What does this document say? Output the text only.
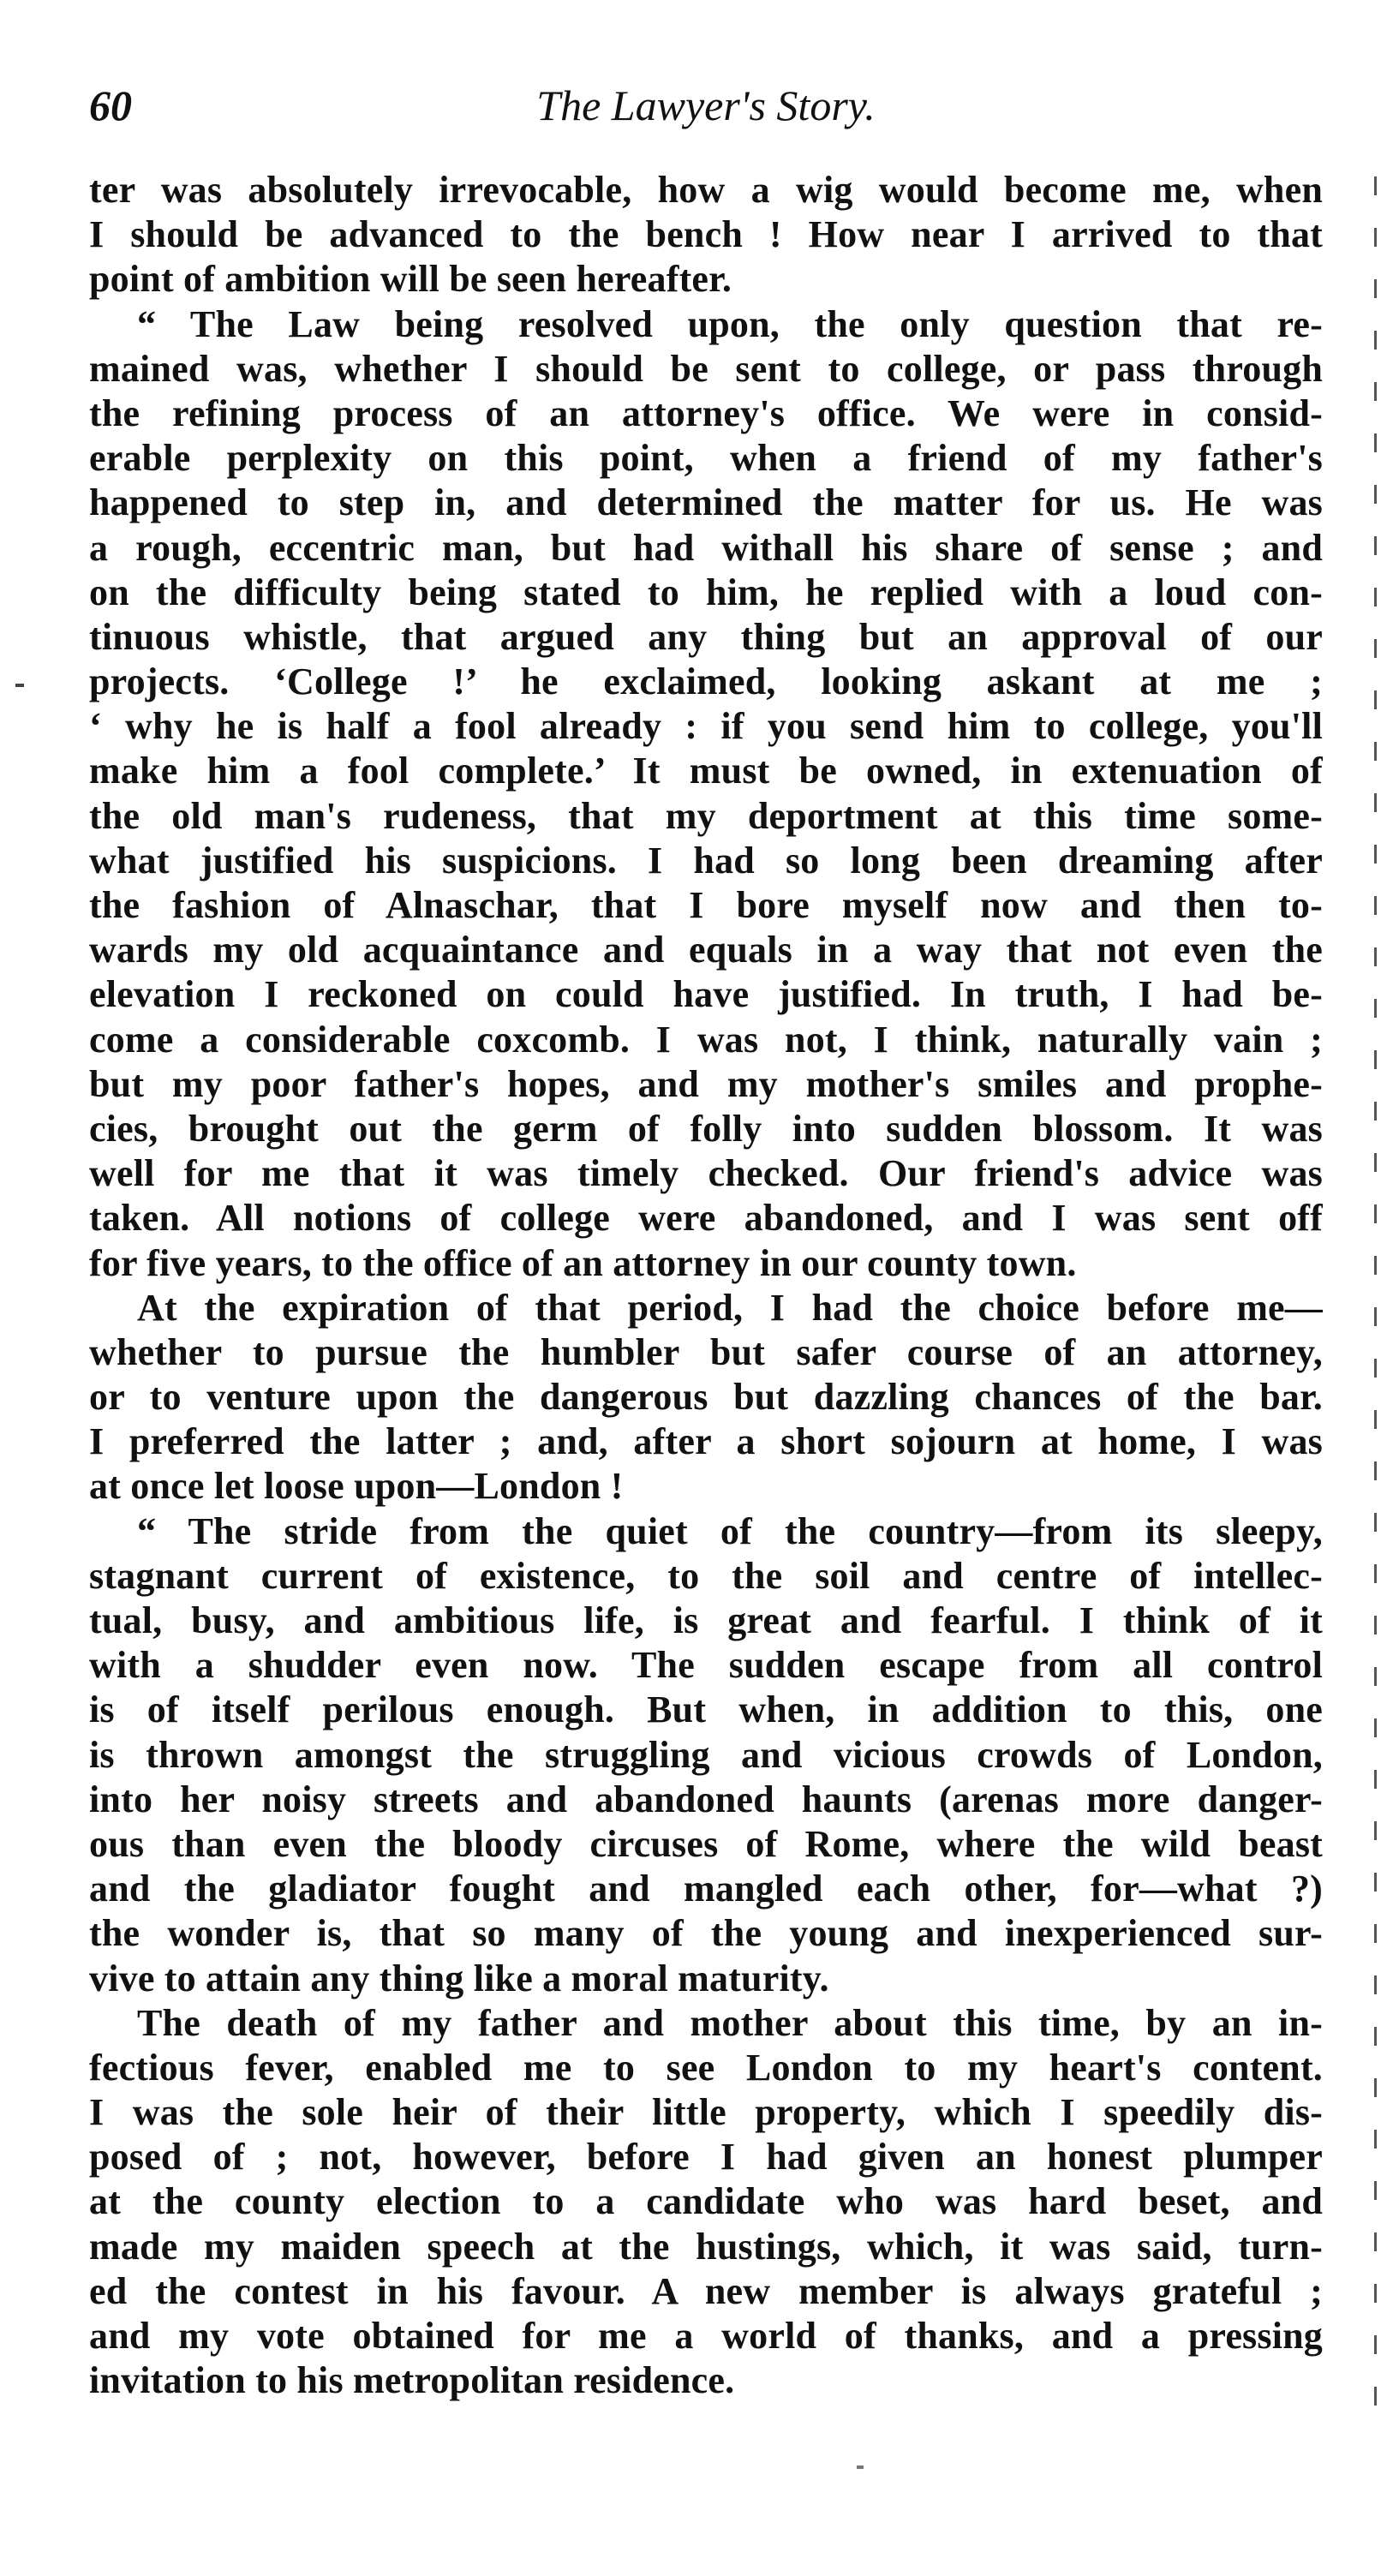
60	The Lawyer's Story.
ter was absolutely irrevocable, how a wig would become me, when
I should be advanced to the bench ! How near I arrived to that
point of ambition will be seen hereafter.
“ The Law being resolved upon, the only question that re-
mained was, whether I should be sent to college, or pass through
the refining process of an attorney's office. We were in consid-
erable perplexity on this point, when a friend of my father's
happened to step in, and determined the matter for us. He was
a rough, eccentric man, but had withall his share of sense ; and
on the difficulty being stated to him, he replied with a loud con-
tinuous whistle, that argued any thing but an approval of our
projects. ‘College !’ he exclaimed, looking askant at me ;
‘ why he is half a fool already : if you send him to college, you'll
make him a fool complete.’ It must be owned, in extenuation of
the old man's rudeness, that my deportment at this time some-
what justified his suspicions. I had so long been dreaming after
the fashion of Alnaschar, that I bore myself now and then to-
wards my old acquaintance and equals in a way that not even the
elevation I reckoned on could have justified. In truth, I had be-
come a considerable coxcomb. I was not, I think, naturally vain ;
but my poor father's hopes, and my mother's smiles and prophe-
cies, brought out the germ of folly into sudden blossom. It was
well for me that it was timely checked. Our friend's advice was
taken. All notions of college were abandoned, and I was sent off
for five years, to the office of an attorney in our county town.
At the expiration of that period, I had the choice before me—
whether to pursue the humbler but safer course of an attorney,
or to venture upon the dangerous but dazzling chances of the bar.
I preferred the latter ; and, after a short sojourn at home, I was
at once let loose upon—London !
“ The stride from the quiet of the country—from its sleepy,
stagnant current of existence, to the soil and centre of intellec-
tual, busy, and ambitious life, is great and fearful. I think of it
with a shudder even now. The sudden escape from all control
is of itself perilous enough. But when, in addition to this, one
is thrown amongst the struggling and vicious crowds of London,
into her noisy streets and abandoned haunts (arenas more danger-
ous than even the bloody circuses of Rome, where the wild beast
and the gladiator fought and mangled each other, for—what ?)
the wonder is, that so many of the young and inexperienced sur-
vive to attain any thing like a moral maturity.
The death of my father and mother about this time, by an in-
fectious fever, enabled me to see London to my heart's content.
I was the sole heir of their little property, which I speedily dis-
posed of ; not, however, before I had given an honest plumper
at the county election to a candidate who was hard beset, and
made my maiden speech at the hustings, which, it was said, turn-
ed the contest in his favour. A new member is always grateful ;
and my vote obtained for me a world of thanks, and a pressing
invitation to his metropolitan residence.
